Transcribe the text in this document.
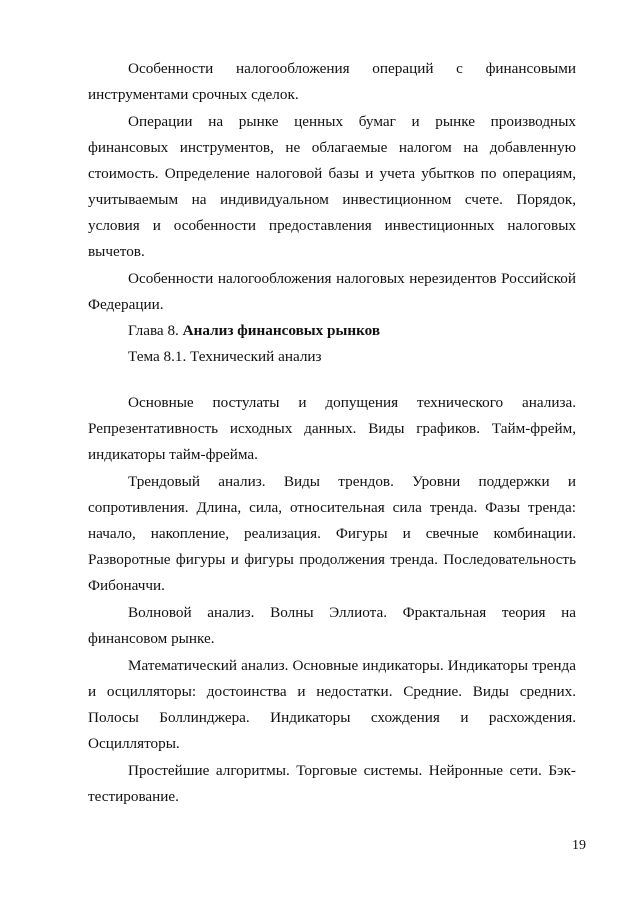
Особенности налогообложения операций с финансовыми инструментами срочных сделок.

Операции на рынке ценных бумаг и рынке производных финансовых инструментов, не облагаемые налогом на добавленную стоимость. Определение налоговой базы и учета убытков по операциям, учитываемым на индивидуальном инвестиционном счете. Порядок, условия и особенности предоставления инвестиционных налоговых вычетов.

Особенности налогообложения налоговых нерезидентов Российской Федерации.

Глава 8. Анализ финансовых рынков

Тема 8.1. Технический анализ

Основные постулаты и допущения технического анализа. Репрезентативность исходных данных. Виды графиков. Тайм-фрейм, индикаторы тайм-фрейма.

Трендовый анализ. Виды трендов. Уровни поддержки и сопротивления. Длина, сила, относительная сила тренда. Фазы тренда: начало, накопление, реализация. Фигуры и свечные комбинации. Разворотные фигуры и фигуры продолжения тренда. Последовательность Фибоначчи.

Волновой анализ. Волны Эллиота. Фрактальная теория на финансовом рынке.

Математический анализ. Основные индикаторы. Индикаторы тренда и осцилляторы: достоинства и недостатки. Средние. Виды средних. Полосы Боллинджера. Индикаторы схождения и расхождения. Осцилляторы.

Простейшие алгоритмы. Торговые системы. Нейронные сети. Бэк-тестирование.

19
